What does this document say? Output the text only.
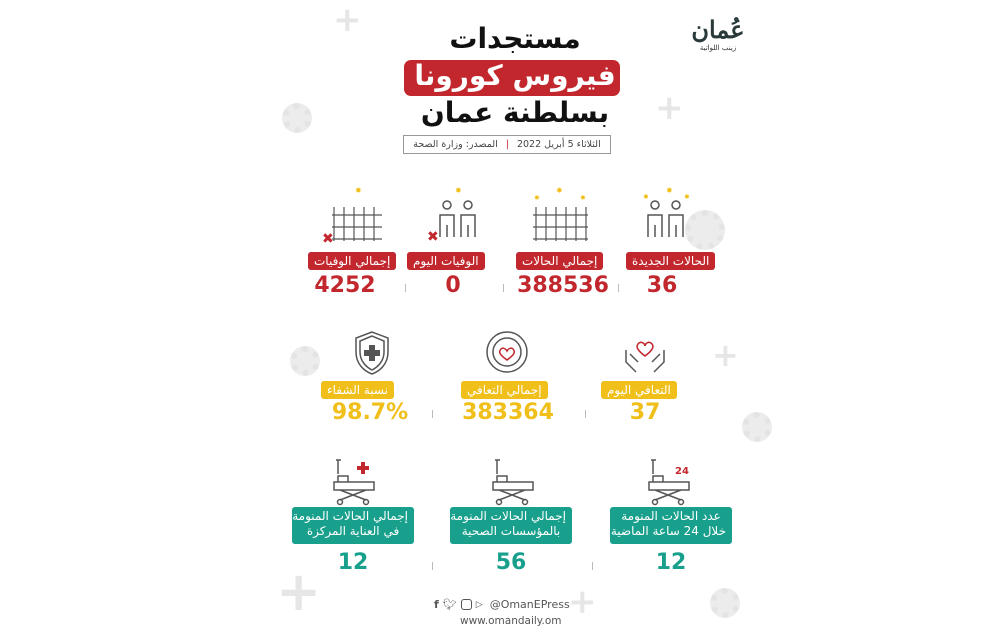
+
+
+
+	+
عُمان
زينب اللواتية
مستجدات
فيروس كورونا
بسلطنة عمان
الثلاثاء 5 أبريل 2022
|
المصدر: وزارة الصحة
✸
✸	✸
✸
✸	✸
✖
✸
✖
✸
الحالات الجديدة
إجمالي الحالات
الوفيات اليوم
إجمالي الوفيات
36
388536
0
4252
التعافي اليوم
إجمالي التعافي
نسبة الشفاء
37
383364
98.7%
24
عدد الحالات المنومة
خلال 24 ساعة الماضية
إجمالي الحالات المنومة
بالمؤسسات الصحية
إجمالي الحالات المنومة
في العناية المركزة
12
56
12
f 🐦︎ ▷ @OmanEPress
www.omandaily.om
